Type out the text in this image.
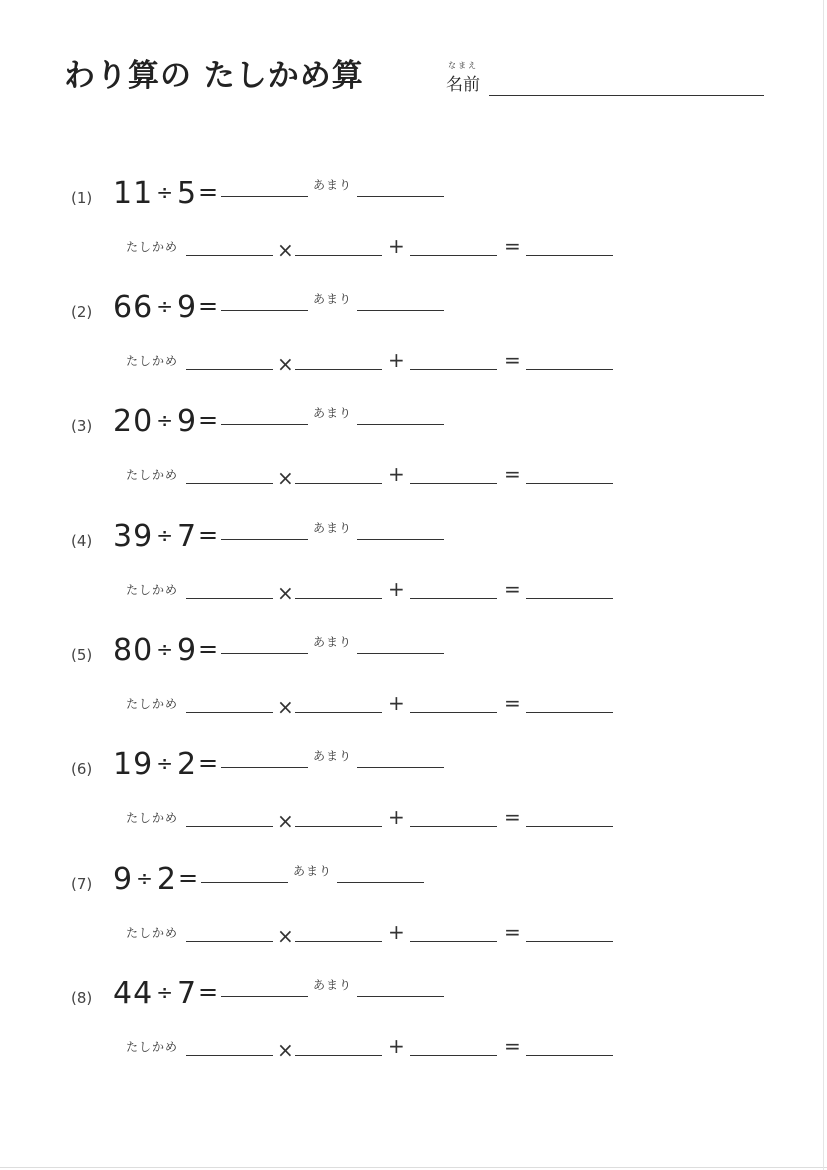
わり算の たしかめ算	なまえ
名前
(1) 11 ÷ 5 =	あまり
たしかめ	×	+	=
(2) 66 ÷ 9 =	あまり
たしかめ	×	+	=
(3) 20 ÷ 9 =	あまり
たしかめ	×	+	=
(4) 39 ÷ 7 =	あまり
たしかめ	×	+	=
(5) 80 ÷ 9 =	あまり
たしかめ	×	+	=
(6) 19 ÷ 2 =	あまり
たしかめ	×	+	=
(7) 9 ÷ 2 =	あまり
たしかめ	×	+	=
(8) 44 ÷ 7 =	あまり
たしかめ	×	+	=
